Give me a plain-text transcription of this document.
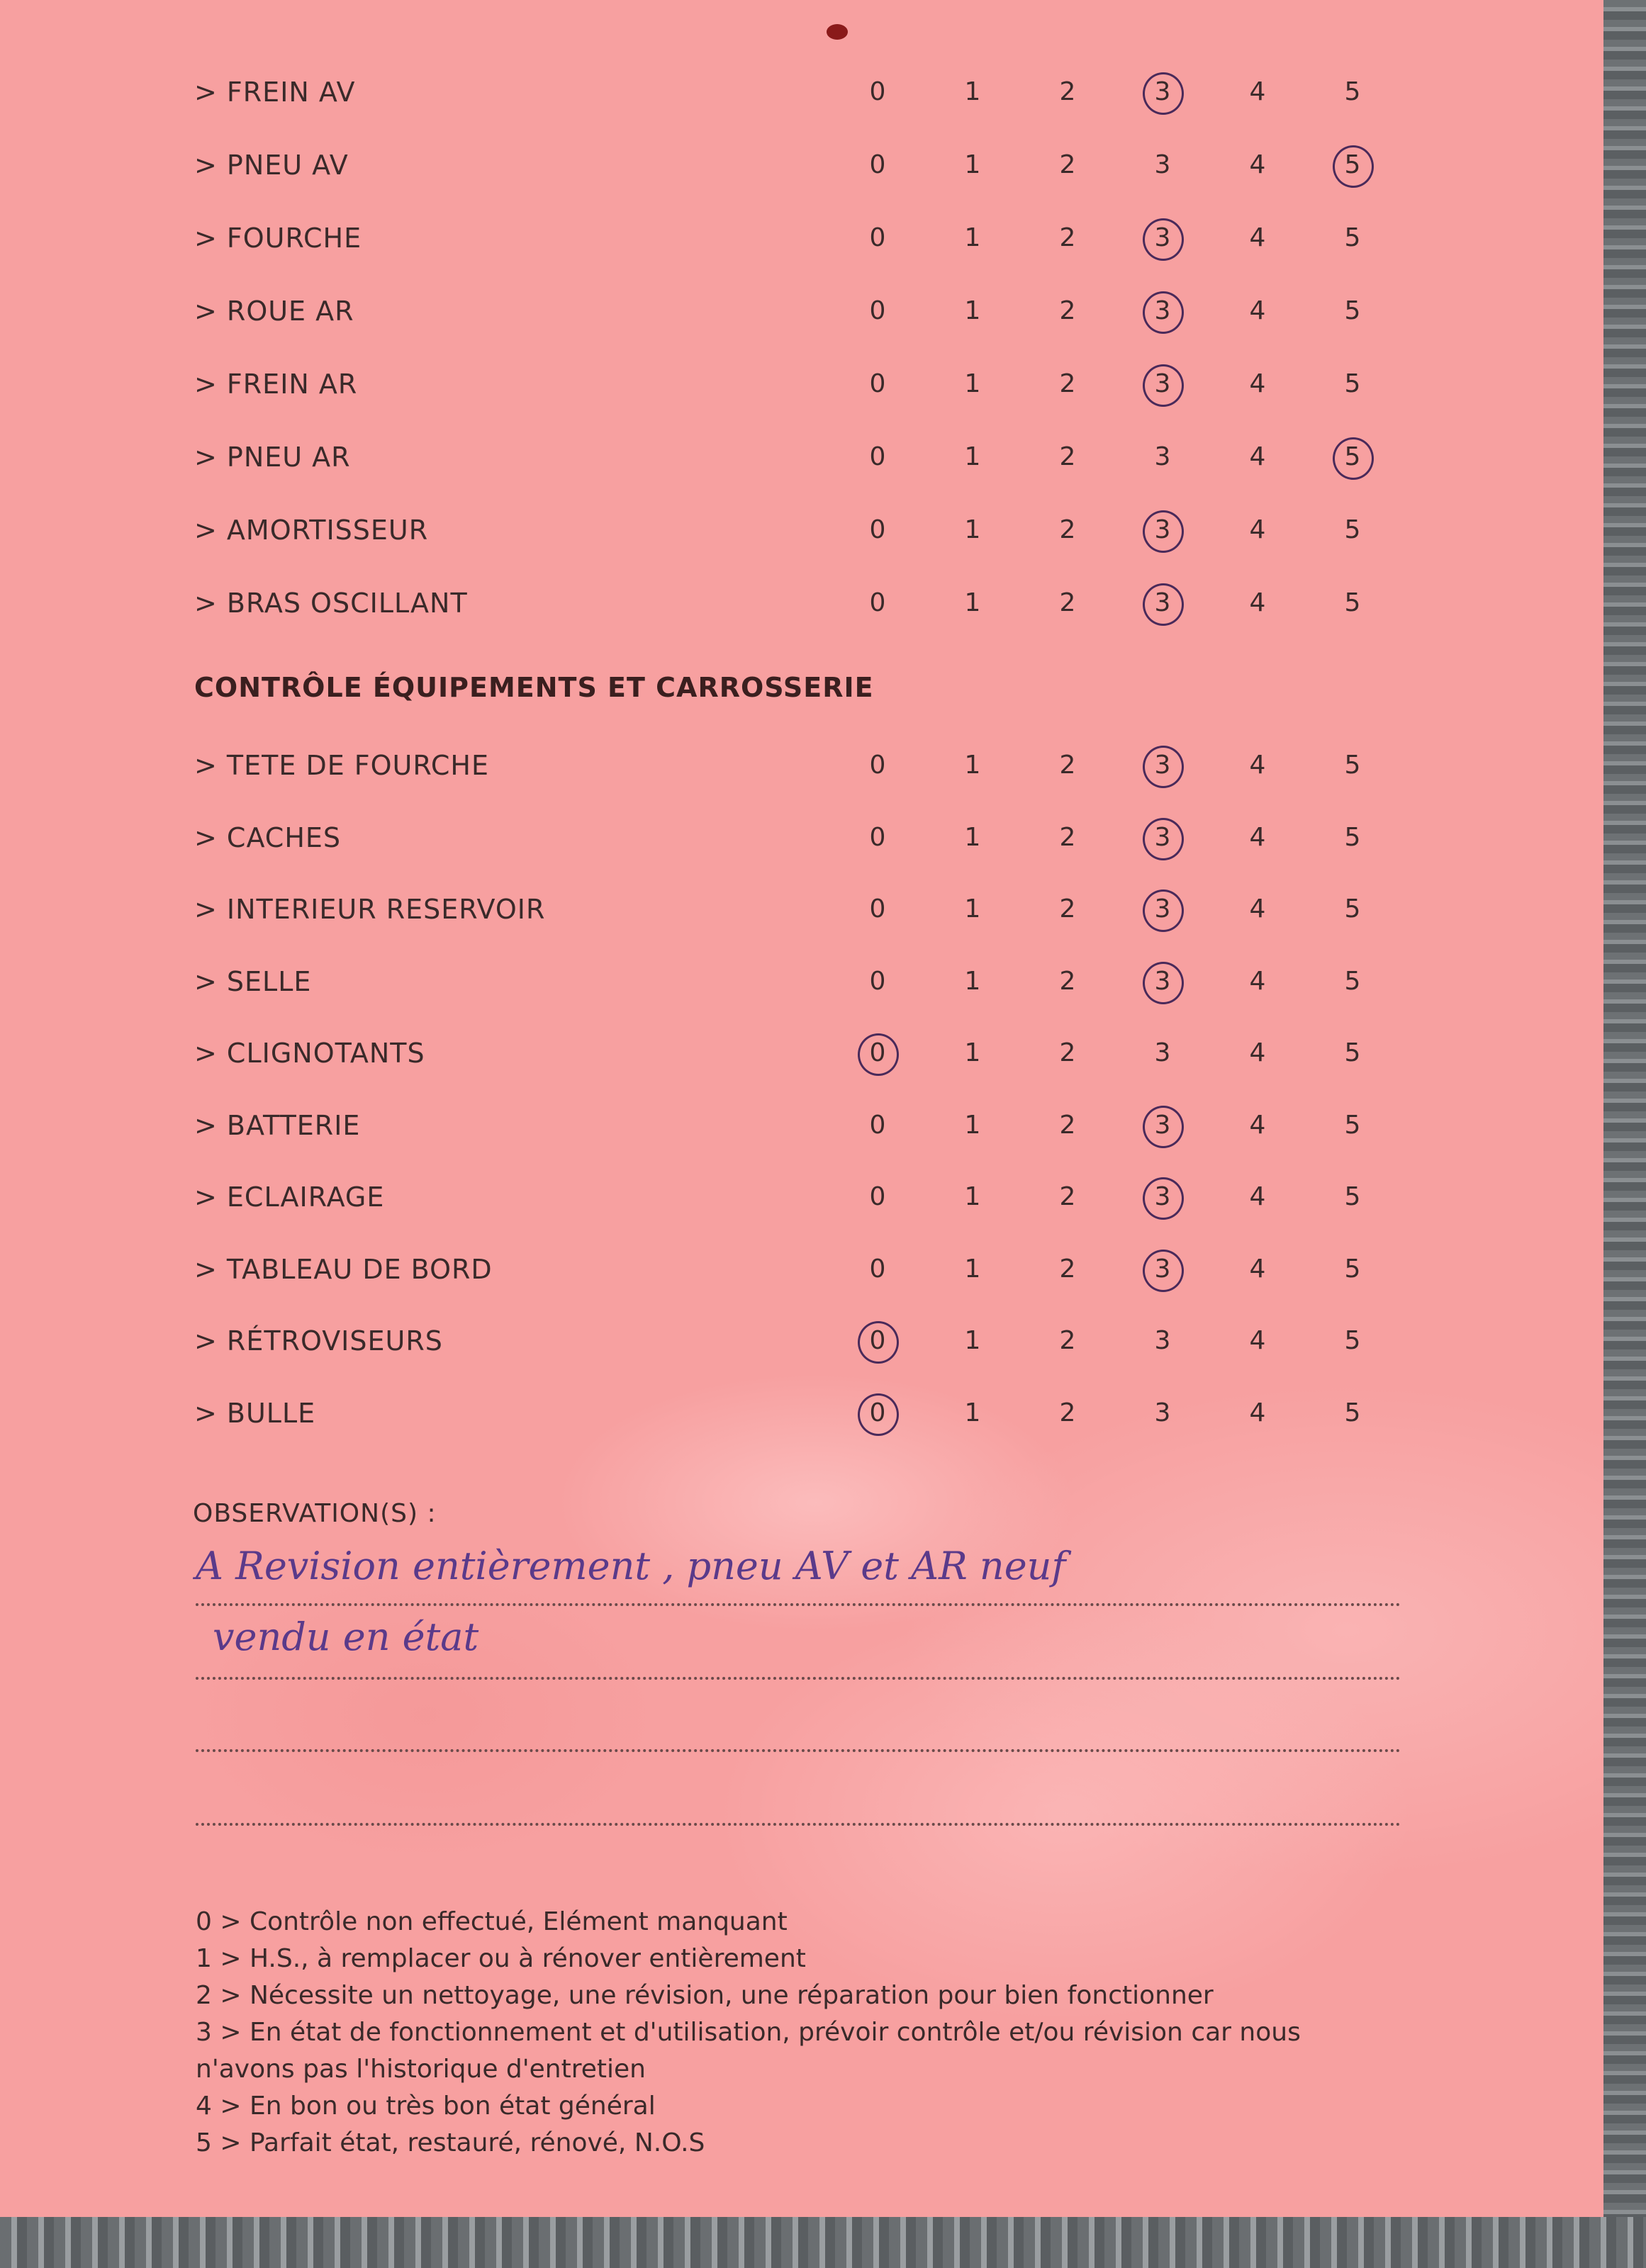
> FREIN AV	0	1	2	3	4	5
> PNEU AV	0	1	2	3	4	5
> FOURCHE	0	1	2	3	4	5
> ROUE AR	0	1	2	3	4	5
> FREIN AR	0	1	2	3	4	5
> PNEU AR	0	1	2	3	4	5
> AMORTISSEUR	0	1	2	3	4	5
> BRAS OSCILLANT	0	1	2	3	4	5
CONTRÔLE ÉQUIPEMENTS ET CARROSSERIE
> TETE DE FOURCHE	0	1	2	3	4	5
> CACHES	0	1	2	3	4	5
> INTERIEUR RESERVOIR	0	1	2	3	4	5
> SELLE	0	1	2	3	4	5
> CLIGNOTANTS	0	1	2	3	4	5
> BATTERIE	0	1	2	3	4	5
> ECLAIRAGE	0	1	2	3	4	5
> TABLEAU DE BORD	0	1	2	3	4	5
> RÉTROVISEURS	0	1	2	3	4	5
> BULLE	0	1	2	3	4	5
OBSERVATION(S) :
A Revision entièrement , pneu AV et AR neuf
vendu en état
0 > Contrôle non effectué, Elément manquant
1 > H.S., à remplacer ou à rénover entièrement
2 > Nécessite un nettoyage, une révision, une réparation pour bien fonctionner
3 > En état de fonctionnement et d'utilisation, prévoir contrôle et/ou révision car nous
n'avons pas l'historique d'entretien
4 > En bon ou très bon état général
5 > Parfait état, restauré, rénové, N.O.S
